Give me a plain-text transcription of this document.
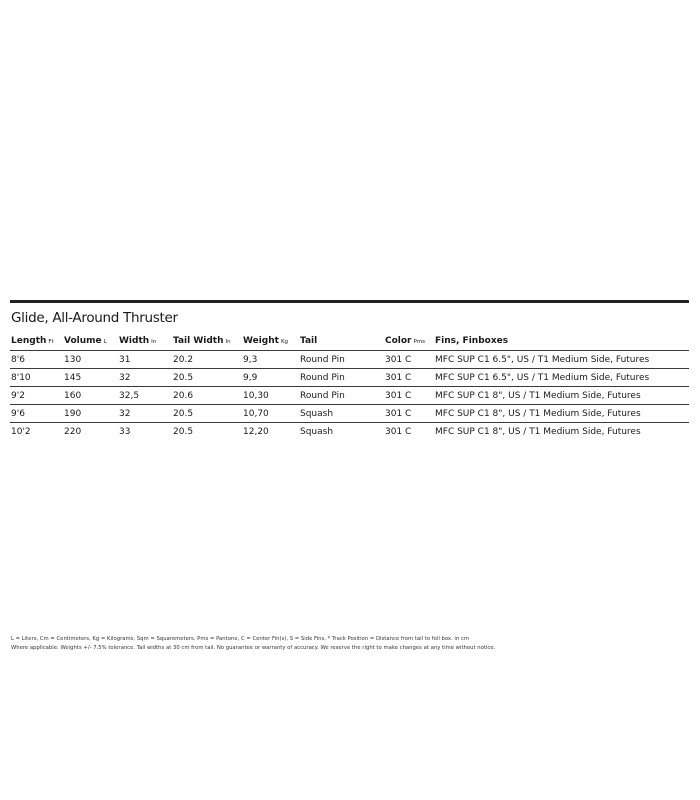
Glide, All-Around Thruster
Length Ft	Volume L	Width In	Tail Width In	Weight Kg	Tail	Color Pms	Fins, Finboxes
8'6	130	31	20.2	9,3	Round Pin	301 C	MFC SUP C1 6.5", US / T1 Medium Side, Futures
8'10	145	32	20.5	9,9	Round Pin	301 C	MFC SUP C1 6.5", US / T1 Medium Side, Futures
9'2	160	32,5	20.6	10,30	Round Pin	301 C	MFC SUP C1 8", US / T1 Medium Side, Futures
9'6	190	32	20.5	10,70	Squash	301 C	MFC SUP C1 8", US / T1 Medium Side, Futures
10'2	220	33	20.5	12,20	Squash	301 C	MFC SUP C1 8", US / T1 Medium Side, Futures
L = Liters, Cm = Centimeters, Kg = Kilograms, Sqm = Squaremeters, Pms = Pantone, C = Center Fin(s), S = Side Fins, * Track Position = Distance from tail to foil box. in cm
Where applicable: Weights +/- 7.5% tolerance. Tail widths at 30 cm from tail. No guarantee or warranty of accuracy. We reserve the right to make changes at any time without notice.
